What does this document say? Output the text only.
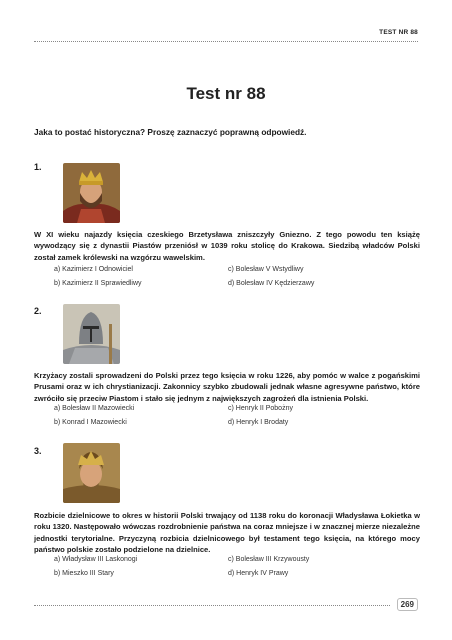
TEST NR 88
Test nr 88
Jaka to postać historyczna? Proszę zaznaczyć poprawną odpowiedź.
1.
W XI wieku najazdy księcia czeskiego Brzetysława zniszczyły Gniezno. Z tego powodu ten książę wywodzący się z dynastii Piastów przeniósł w 1039 roku stolicę do Krakowa. Siedzibą władców Polski został zamek królewski na wzgórzu wawelskim.
a) Kazimierz I Odnowiciel	c) Bolesław V Wstydliwy
b) Kazimierz II Sprawiedliwy	d) Bolesław IV Kędzierzawy
2.
Krzyżacy zostali sprowadzeni do Polski przez tego księcia w roku 1226, aby pomóc w walce z pogańskimi Prusami oraz w ich chrystianizacji. Zakonnicy szybko zbudowali jednak własne agresywne państwo, które zwróciło się przeciw Piastom i stało się jednym z największych zagrożeń dla istnienia Polski.
a) Bolesław II Mazowiecki	c) Henryk II Pobożny
b) Konrad I Mazowiecki	d) Henryk I Brodaty
3.
Rozbicie dzielnicowe to okres w historii Polski trwający od 1138 roku do koronacji Władysława Łokietka w roku 1320. Następowało wówczas rozdrobnienie państwa na coraz mniejsze i w znacznej mierze niezależne jednostki terytorialne. Przyczyną rozbicia dzielnicowego był testament tego księcia, na którego mocy państwo polskie zostało podzielone na dzielnice.
a) Władysław III Laskonogi	c) Bolesław III Krzywousty
b) Mieszko III Stary	d) Henryk IV Prawy
269
